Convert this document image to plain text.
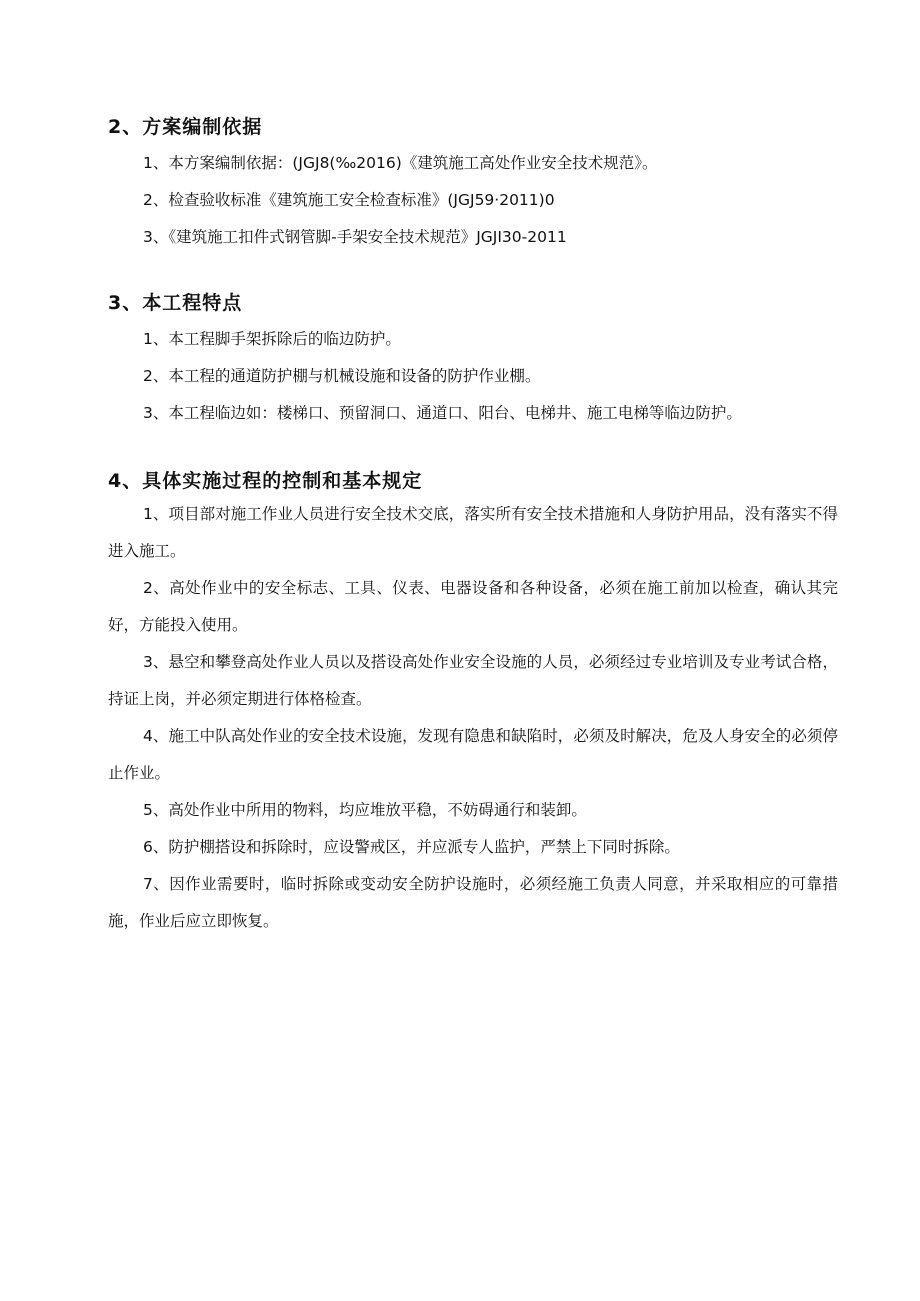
2、方案编制依据
1、本方案编制依据：(JGJ8(‰2016)《建筑施工高处作业安全技术规范》。
2、检查验收标准《建筑施工安全检查标准》(JGJ59·2011)0
3、《建筑施工扣件式钢管脚-手架安全技术规范》JGJI30-2011
3、本工程特点
1、本工程脚手架拆除后的临边防护。
2、本工程的通道防护棚与机械设施和设备的防护作业棚。
3、本工程临边如：楼梯口、预留洞口、通道口、阳台、电梯井、施工电梯等临边防护。
4、具体实施过程的控制和基本规定
1、项目部对施工作业人员进行安全技术交底，落实所有安全技术措施和人身防护用品，没有落实不得进入施工。
2、高处作业中的安全标志、工具、仪表、电器设备和各种设备，必须在施工前加以检查，确认其完好，方能投入使用。
3、悬空和攀登高处作业人员以及搭设高处作业安全设施的人员，必须经过专业培训及专业考试合格，持证上岗，并必须定期进行体格检查。
4、施工中队高处作业的安全技术设施，发现有隐患和缺陷时，必须及时解决，危及人身安全的必须停止作业。
5、高处作业中所用的物料，均应堆放平稳，不妨碍通行和装卸。
6、防护棚搭设和拆除时，应设警戒区，并应派专人监护，严禁上下同时拆除。
7、因作业需要时，临时拆除或变动安全防护设施时，必须经施工负责人同意，并采取相应的可靠措施，作业后应立即恢复。
